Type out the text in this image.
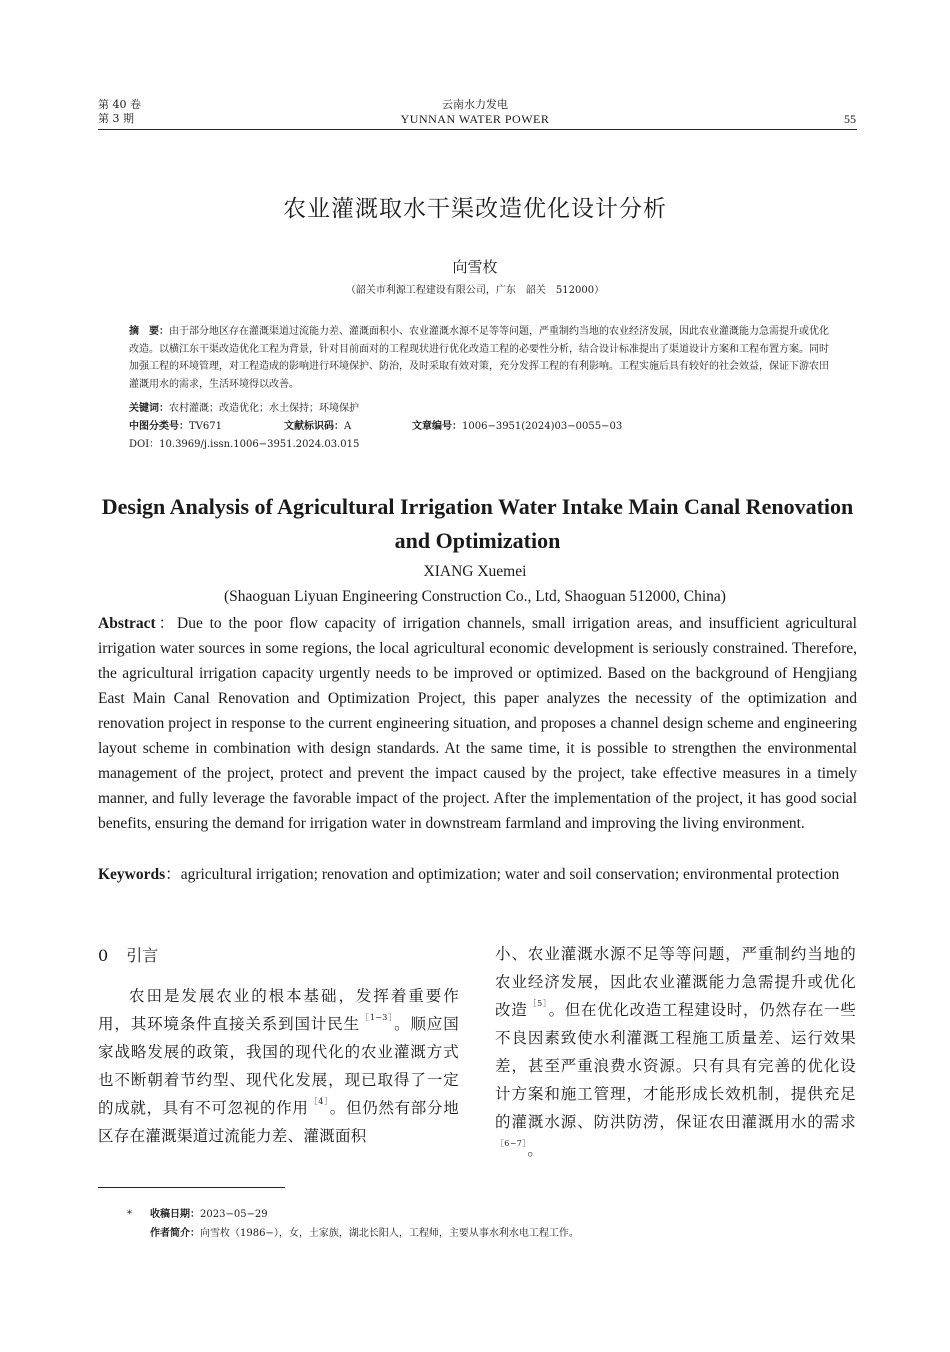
第 40 卷
第 3 期
云南水力发电
YUNNAN WATER POWER	55
农业灌溉取水干渠改造优化设计分析
向雪枚
（韶关市利源工程建设有限公司，广东　韶关　512000）
摘　要：由于部分地区存在灌溉渠道过流能力差、灌溉面积小、农业灌溉水源不足等等问题，严重制约当地的农业经济发展，因此农业灌溉能力急需提升或优化改造。以横江东干渠改造优化工程为背景，针对目前面对的工程现状进行优化改造工程的必要性分析，结合设计标准提出了渠道设计方案和工程布置方案。同时加强工程的环境管理，对工程造成的影响进行环境保护、防治，及时采取有效对策，充分发挥工程的有利影响。工程实施后具有较好的社会效益，保证下游农田灌溉用水的需求，生活环境得以改善。
关键词：农村灌溉；改造优化；水土保持；环境保护
中图分类号：TV671	文献标识码：A	文章编号：1006−3951(2024)03−0055−03
DOI：10.3969/j.issn.1006−3951.2024.03.015
Design Analysis of Agricultural Irrigation Water Intake Main Canal Renovation and Optimization
XIANG Xuemei
(Shaoguan Liyuan Engineering Construction Co., Ltd, Shaoguan 512000, China)
Abstract：Due to the poor flow capacity of irrigation channels, small irrigation areas, and insufficient agricultural irrigation water sources in some regions, the local agricultural economic development is seriously constrained. Therefore, the agricultural irrigation capacity urgently needs to be improved or optimized. Based on the background of Hengjiang East Main Canal Renovation and Optimization Project, this paper analyzes the necessity of the optimization and renovation project in response to the current engineering situation, and proposes a channel design scheme and engineering layout scheme in combination with design standards. At the same time, it is possible to strengthen the environmental management of the project, protect and prevent the impact caused by the project, take effective measures in a timely manner, and fully leverage the favorable impact of the project. After the implementation of the project, it has good social benefits, ensuring the demand for irrigation water in downstream farmland and improving the living environment.
Keywords：agricultural irrigation; renovation and optimization; water and soil conservation; environmental protection
0 引言
农田是发展农业的根本基础，发挥着重要作用，其环境条件直接关系到国计民生$^{[1-3]}$。顺应国家战略发展的政策，我国的现代化的农业灌溉方式也不断朝着节约型、现代化发展，现已取得了一定的成就，具有不可忽视的作用$^{[4]}$。但仍然有部分地区存在灌溉渠道过流能力差、灌溉面积
小、农业灌溉水源不足等等问题，严重制约当地的农业经济发展，因此农业灌溉能力急需提升或优化改造$^{[5]}$。但在优化改造工程建设时，仍然存在一些不良因素致使水利灌溉工程施工质量差、运行效果差，甚至严重浪费水资源。只有具有完善的优化设计方案和施工管理，才能形成长效机制，提供充足的灌溉水源、防洪防涝，保证农田灌溉用水的需求$^{[6-7]}$。
* 收稿日期：2023−05−29
作者简介：向雪枚（1986−），女，土家族，湖北长阳人，工程师，主要从事水利水电工程工作。
